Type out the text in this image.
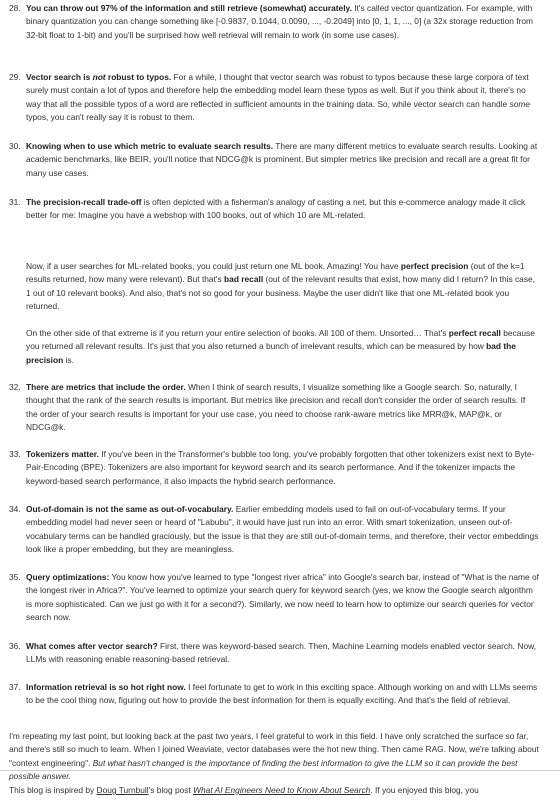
28. You can throw out 97% of the information and still retrieve (somewhat) accurately. It's called vector quantization. For example, with binary quantization you can change something like [-0.9837, 0.1044, 0.0090, ..., -0.2049] into [0, 1, 1, ..., 0] (a 32x storage reduction from 32-bit float to 1-bit) and you'll be surprised how well retrieval will remain to work (in some use cases).

29. Vector search is not robust to typos. For a while, I thought that vector search was robust to typos because these large corpora of text surely must contain a lot of typos and therefore help the embedding model learn these typos as well. But if you think about it, there's no way that all the possible typos of a word are reflected in sufficient amounts in the training data. So, while vector search can handle some typos, you can't really say it is robust to them.

30. Knowing when to use which metric to evaluate search results. There are many different metrics to evaluate search results. Looking at academic benchmarks, like BEIR, you'll notice that NDCG@k is prominent. But simpler metrics like precision and recall are a great fit for many use cases.

31. The precision-recall trade-off is often depicted with a fisherman's analogy of casting a net, but this e-commerce analogy made it click better for me: Imagine you have a webshop with 100 books, out of which 10 are ML-related.

Now, if a user searches for ML-related books, you could just return one ML book. Amazing! You have perfect precision (out of the k=1 results returned, how many were relevant). But that's bad recall (out of the relevant results that exist, how many did I return? In this case, 1 out of 10 relevant books). And also, that's not so good for your business. Maybe the user didn't like that one ML-related book you returned.

On the other side of that extreme is if you return your entire selection of books. All 100 of them. Unsorted… That's perfect recall because you returned all relevant results. It's just that you also returned a bunch of irrelevant results, which can be measured by how bad the precision is.

32. There are metrics that include the order. When I think of search results, I visualize something like a Google search. So, naturally, I thought that the rank of the search results is important. But metrics like precision and recall don't consider the order of search results. If the order of your search results is important for your use case, you need to choose rank-aware metrics like MRR@k, MAP@k, or NDCG@k.

33. Tokenizers matter. If you've been in the Transformer's bubble too long, you've probably forgotten that other tokenizers exist next to Byte-Pair-Encoding (BPE). Tokenizers are also important for keyword search and its search performance. And if the tokenizer impacts the keyword-based search performance, it also impacts the hybrid search performance.

34. Out-of-domain is not the same as out-of-vocabulary. Earlier embedding models used to fail on out-of-vocabulary terms. If your embedding model had never seen or heard of "Labubu", it would have just run into an error. With smart tokenization, unseen out-of-vocabulary terms can be handled graciously, but the issue is that they are still out-of-domain terms, and therefore, their vector embeddings look like a proper embedding, but they are meaningless.

35. Query optimizations: You know how you've learned to type "longest river africa" into Google's search bar, instead of "What is the name of the longest river in Africa?". You've learned to optimize your search query for keyword search (yes, we know the Google search algorithm is more sophisticated. Can we just go with it for a second?). Similarly, we now need to learn how to optimize our search queries for vector search now.

36. What comes after vector search? First, there was keyword-based search. Then, Machine Learning models enabled vector search. Now, LLMs with reasoning enable reasoning-based retrieval.

37. Information retrieval is so hot right now. I feel fortunate to get to work in this exciting space. Although working on and with LLMs seems to be the cool thing now, figuring out how to provide the best information for them is equally exciting. And that's the field of retrieval.

I'm repeating my last point, but looking back at the past two years, I feel grateful to work in this field. I have only scratched the surface so far, and there's still so much to learn. When I joined Weaviate, vector databases were the hot new thing. Then came RAG. Now, we're talking about "context engineering". But what hasn't changed is the importance of finding the best information to give the LLM so it can provide the best possible answer.

This blog is inspired by Doug Turnbull's blog post What AI Engineers Need to Know About Search. If you enjoyed this blog, you
